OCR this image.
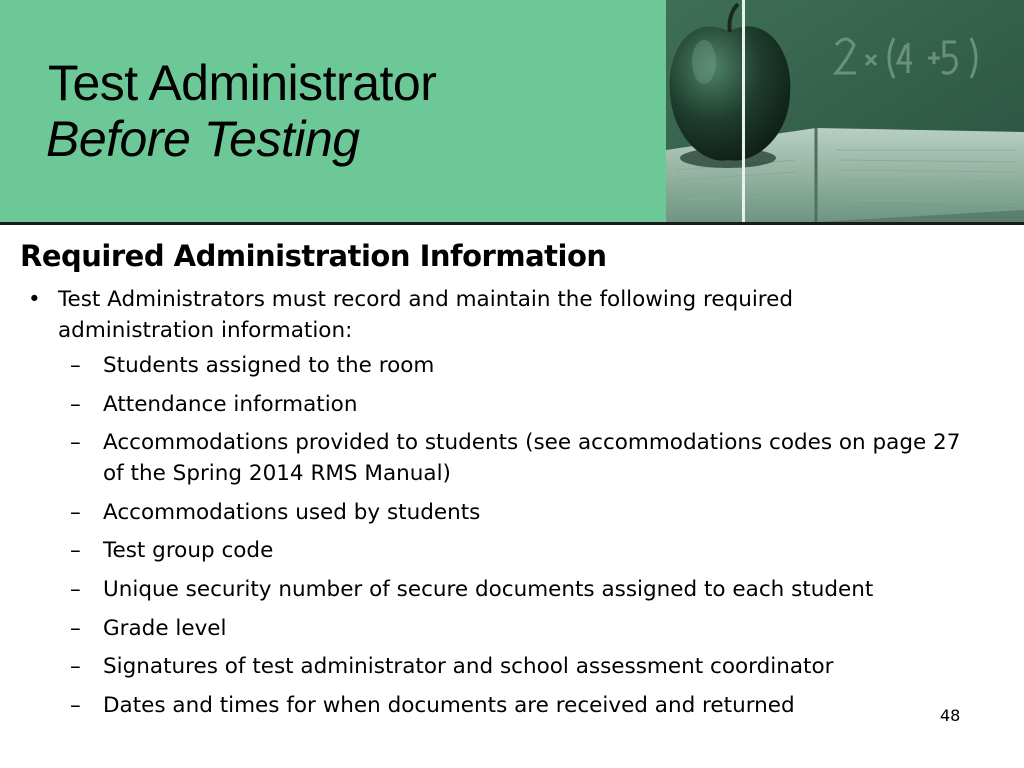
Test Administrator
Before Testing
Required Administration Information
• Test Administrators must record and maintain the following required administration information:
– Students assigned to the room
– Attendance information
– Accommodations provided to students (see accommodations codes on page 27 of the Spring 2014 RMS Manual)
– Accommodations used by students
– Test group code
– Unique security number of secure documents assigned to each student
– Grade level
– Signatures of test administrator and school assessment coordinator
– Dates and times for when documents are received and returned	48
